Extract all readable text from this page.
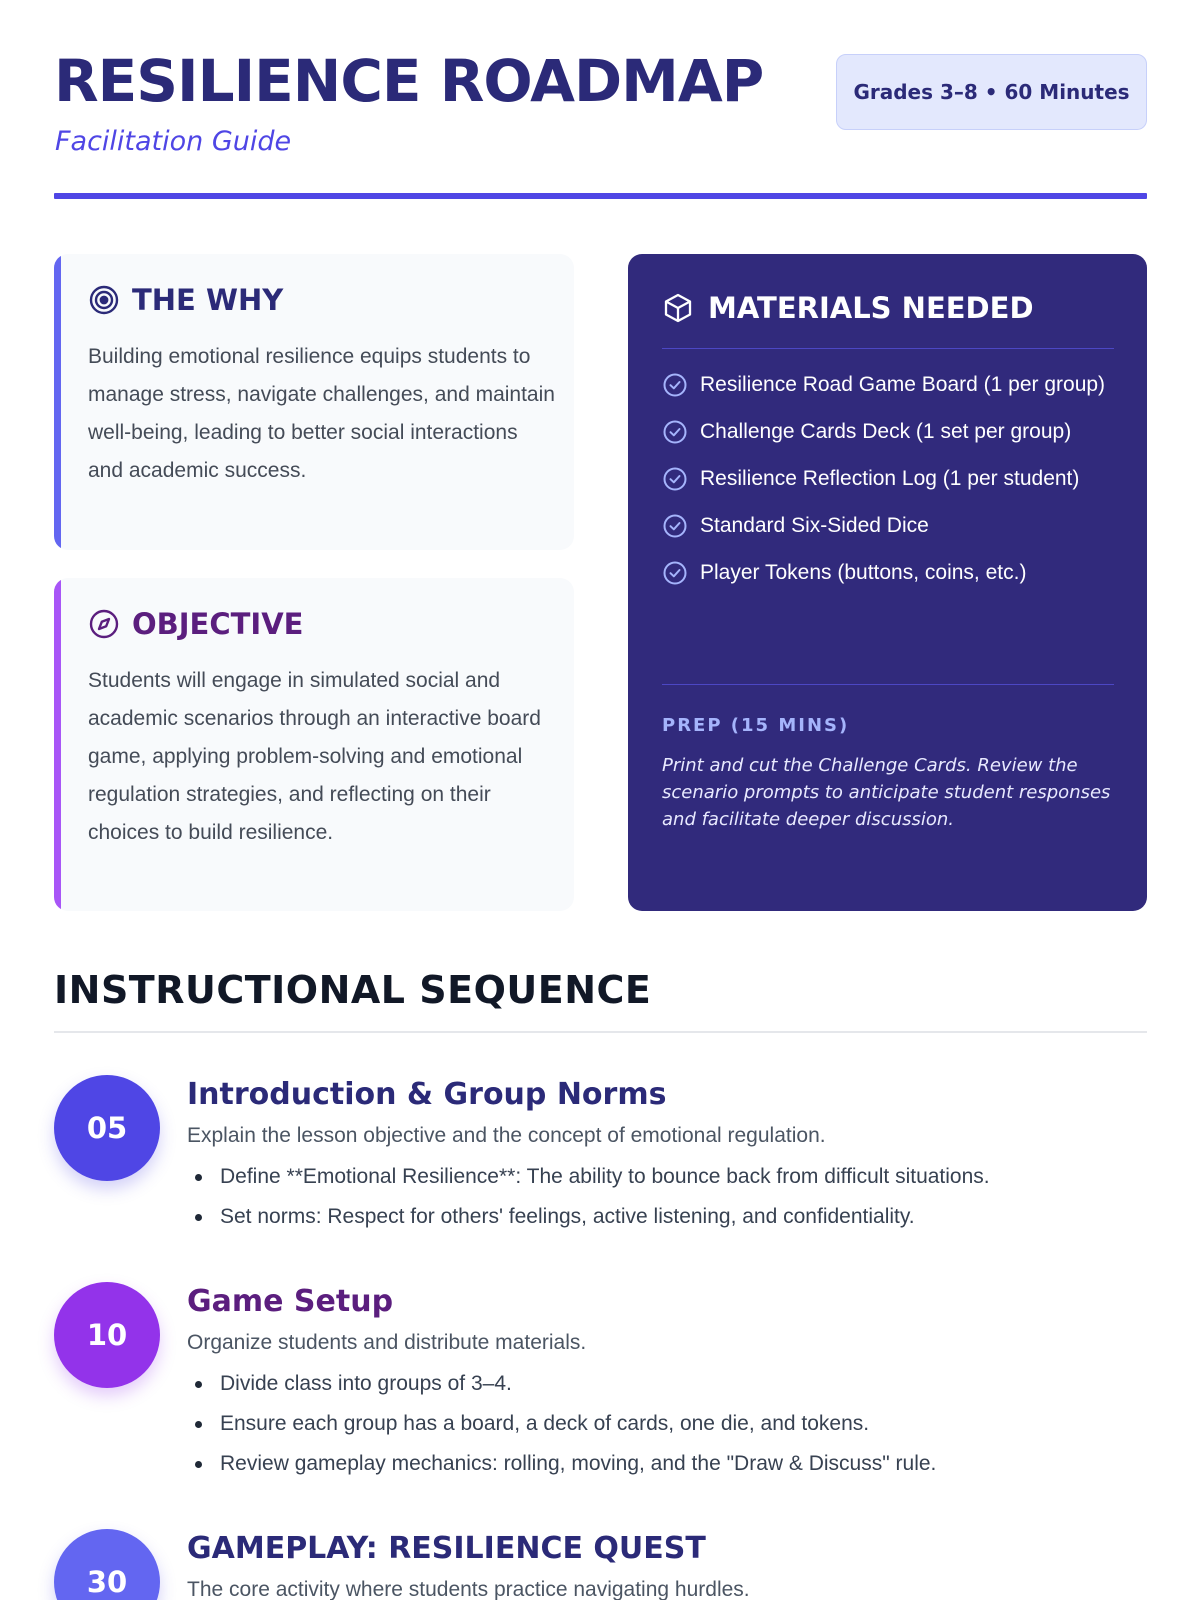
RESILIENCE ROADMAP
Facilitation Guide
Grades 3–8 • 60 Minutes
THE WHY

Building emotional resilience equips students to manage stress, navigate challenges, and maintain well-being, leading to better social interactions and academic success.

OBJECTIVE

Students will engage in simulated social and academic scenarios through an interactive board game, applying problem-solving and emotional regulation strategies, and reflecting on their choices to build resilience.

MATERIALS NEEDED
Resilience Road Game Board (1 per group)
Challenge Cards Deck (1 set per group)
Resilience Reflection Log (1 per student)
Standard Six-Sided Dice
Player Tokens (buttons, coins, etc.)
PREP (15 MINS)

Print and cut the Challenge Cards. Review the scenario prompts to anticipate student responses and facilitate deeper discussion.

INSTRUCTIONAL SEQUENCE
05
Introduction & Group Norms

Explain the lesson objective and the concept of emotional regulation.

Define **Emotional Resilience**: The ability to bounce back from difficult situations.
Set norms: Respect for others' feelings, active listening, and confidentiality.
10
Game Setup

Organize students and distribute materials.

Divide class into groups of 3–4.
Ensure each group has a board, a deck of cards, one die, and tokens.
Review gameplay mechanics: rolling, moving, and the "Draw & Discuss" rule.
30
GAMEPLAY: RESILIENCE QUEST

The core activity where students practice navigating hurdles.
